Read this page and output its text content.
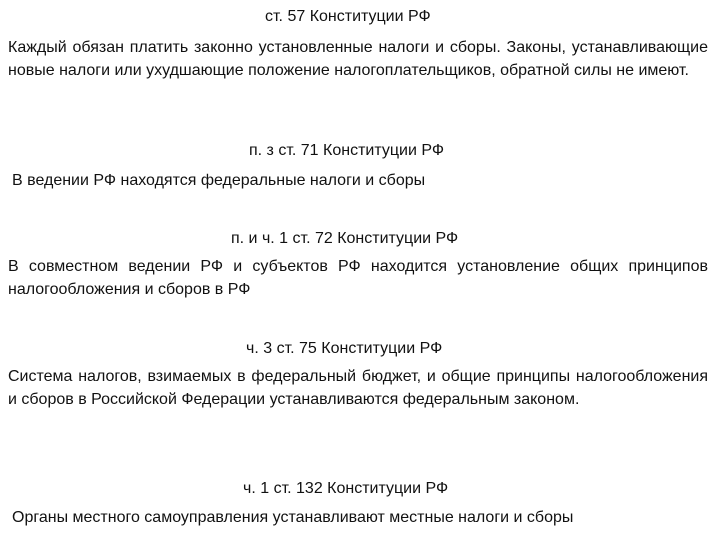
ст. 57 Конституции РФ
Каждый обязан платить законно установленные налоги и сборы. Законы, устанавливающие новые налоги или ухудшающие положение налогоплательщиков, обратной силы не имеют.
п. з ст. 71 Конституции РФ
В ведении РФ находятся федеральные налоги и сборы
п. и ч. 1 ст. 72 Конституции РФ
В совместном ведении РФ и субъектов РФ находится установление общих принципов налогообложения и сборов в РФ
ч. 3 ст. 75 Конституции РФ
Система налогов, взимаемых в федеральный бюджет, и общие принципы налогообложения и сборов в Российской Федерации устанавливаются федеральным законом.
ч. 1 ст. 132 Конституции РФ
Органы местного самоуправления устанавливают местные налоги и сборы
